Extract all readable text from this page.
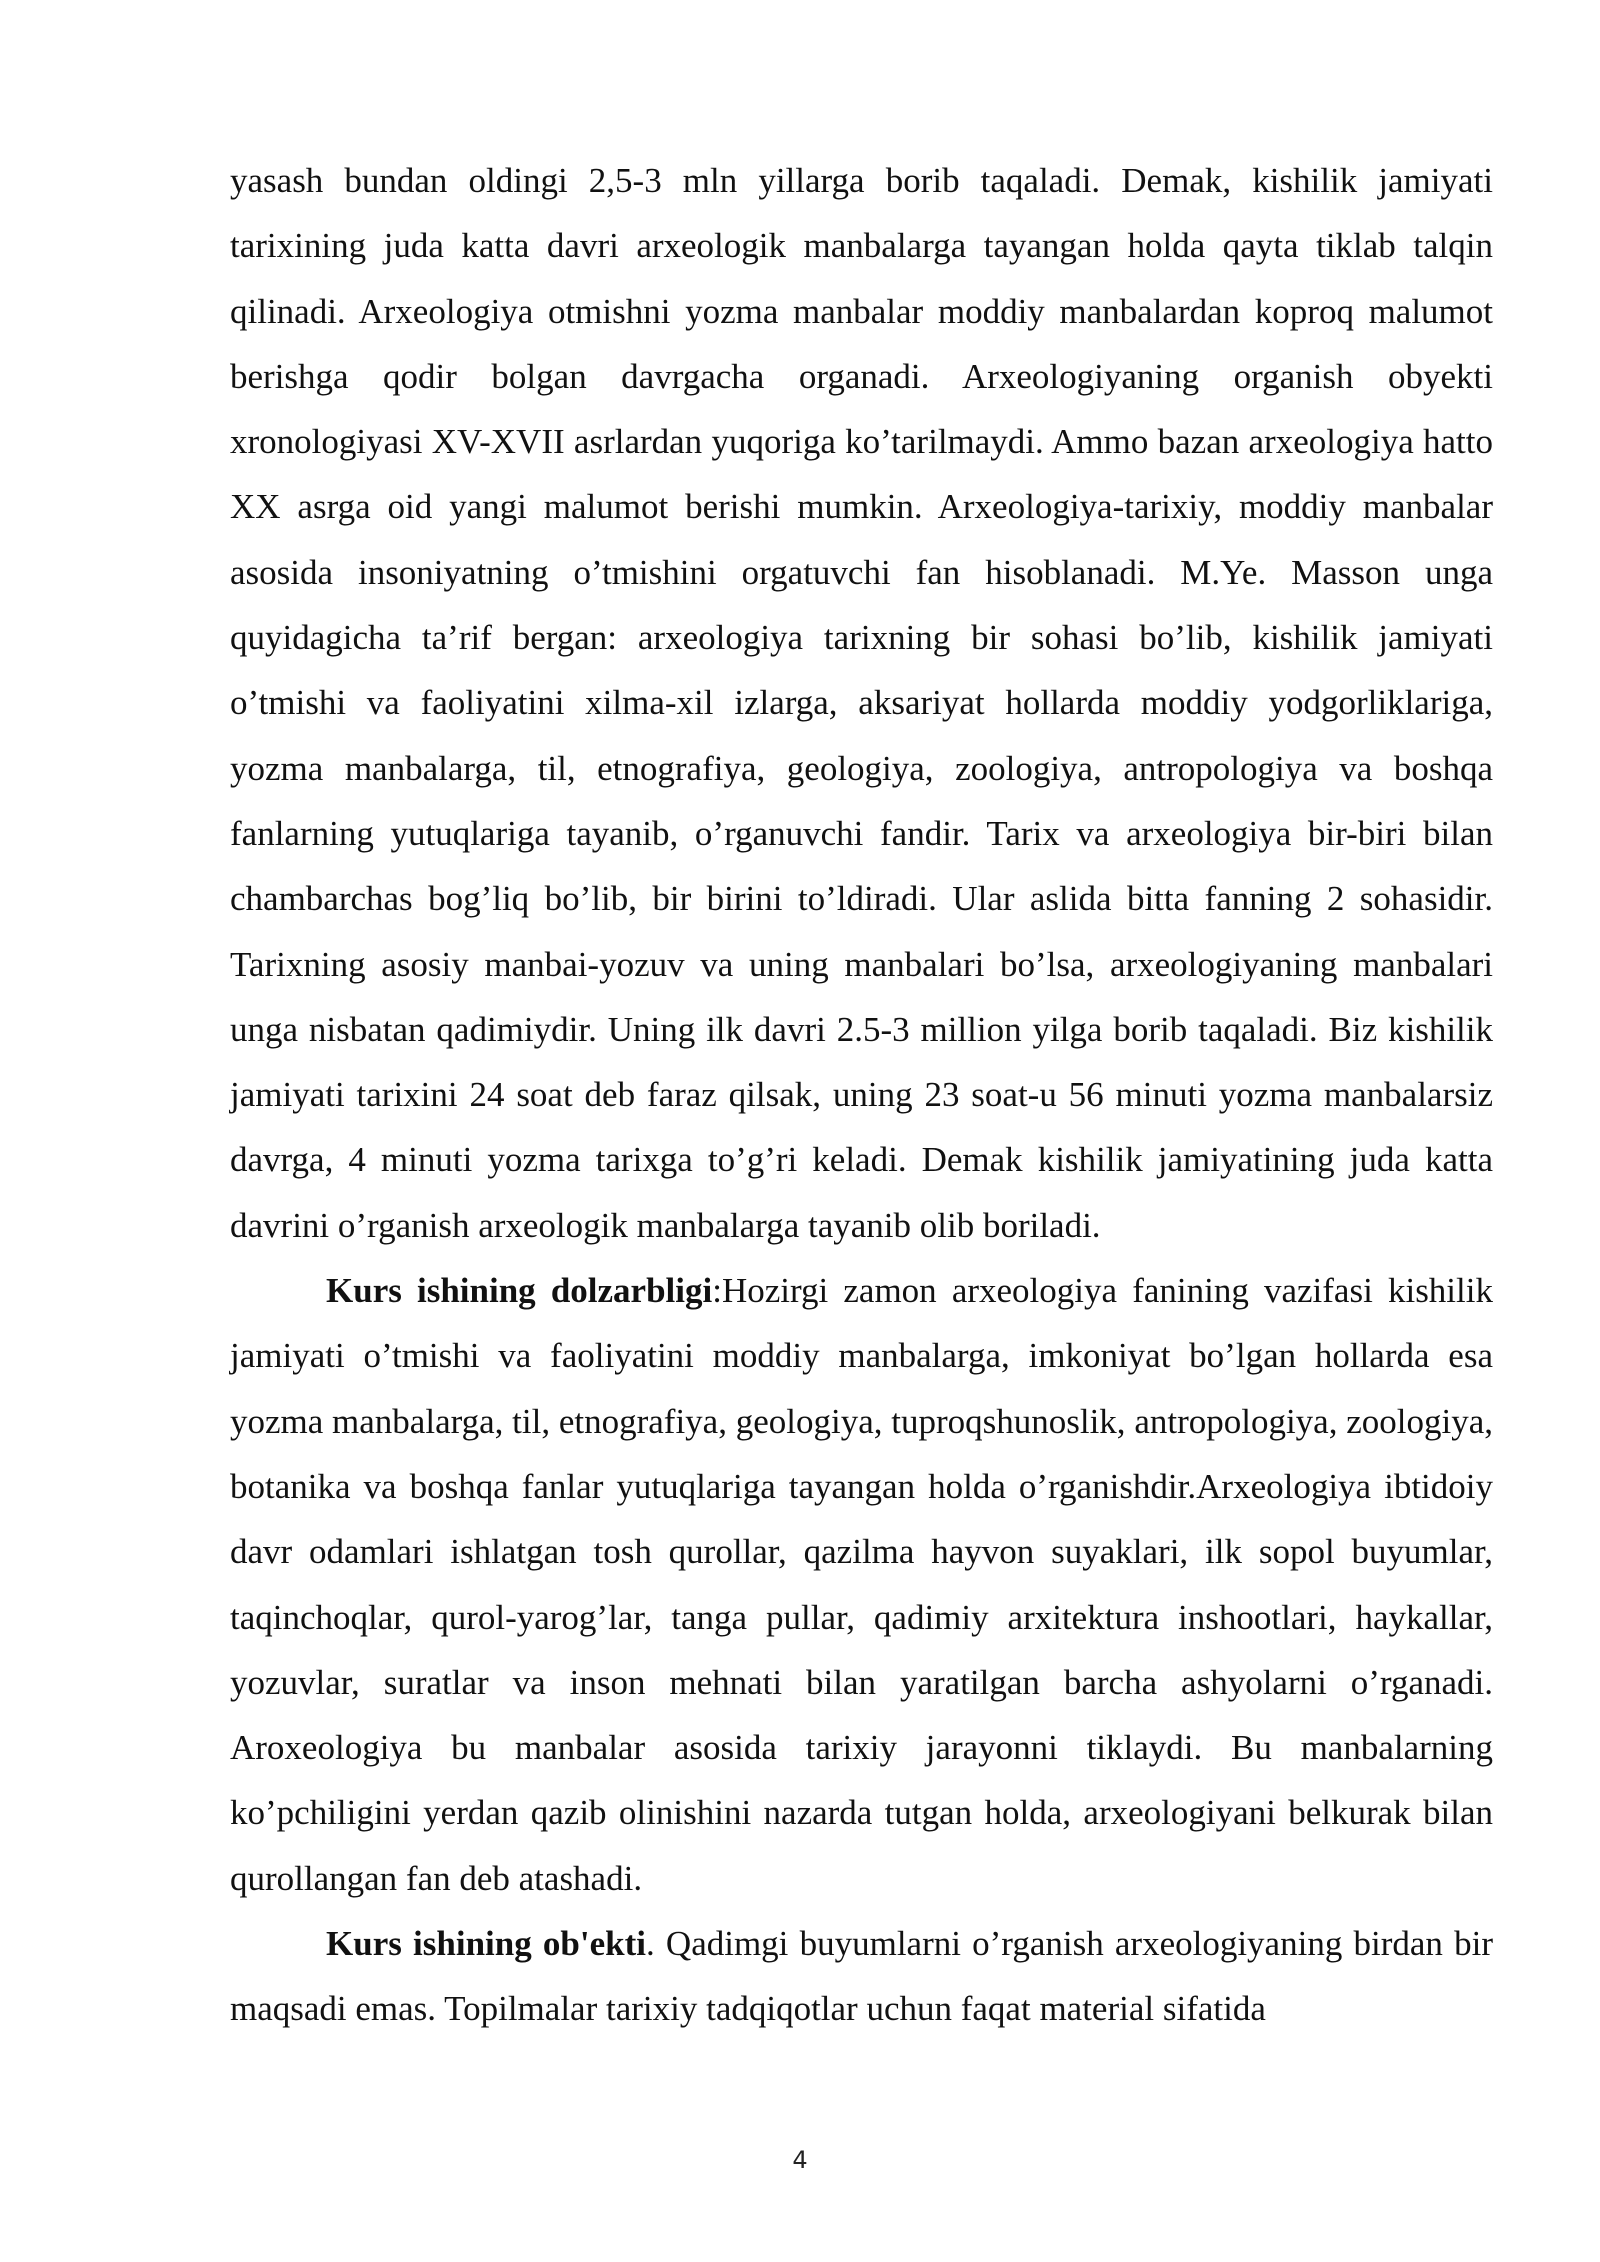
yasash bundan oldingi 2,5-3 mln yillarga borib taqaladi. Demak, kishilik jamiyati tarixining juda katta davri arxeologik manbalarga tayangan holda qayta tiklab talqin qilinadi. Arxeologiya otmishni yozma manbalar moddiy manbalardan koproq malumot berishga qodir bolgan davrgacha organadi. Arxeologiyaning organish obyekti xronologiyasi XV-XVII asrlardan yuqoriga ko’tarilmaydi. Ammo bazan arxeologiya hatto XX asrga oid yangi malumot berishi mumkin. Arxeologiya-tarixiy, moddiy manbalar asosida insoniyatning o’tmishini orgatuvchi fan hisoblanadi. M.Ye. Masson unga quyidagicha ta’rif bergan: arxeologiya tarixning bir sohasi bo’lib, kishilik jamiyati o’tmishi va faoliyatini xilma-xil izlarga, aksariyat hollarda moddiy yodgorliklariga, yozma manbalarga, til, etnografiya, geologiya, zoologiya, antropologiya va boshqa fanlarning yutuqlariga tayanib, o’rganuvchi fandir. Tarix va arxeologiya bir-biri bilan chambarchas bog’liq bo’lib, bir birini to’ldiradi. Ular aslida bitta fanning 2 sohasidir. Tarixning asosiy manbai-yozuv va uning manbalari bo’lsa, arxeologiyaning manbalari unga nisbatan qadimiydir. Uning ilk davri 2.5-3 million yilga borib taqaladi. Biz kishilik jamiyati tarixini 24 soat deb faraz qilsak, uning 23 soat-u 56 minuti yozma manbalarsiz davrga, 4 minuti yozma tarixga to’g’ri keladi. Demak kishilik jamiyatining juda katta davrini o’rganish arxeologik manbalarga tayanib olib boriladi.

Kurs ishining dolzarbligi:Hozirgi zamon arxeologiya fanining vazifasi kishilik jamiyati o’tmishi va faoliyatini moddiy manbalarga, imkoniyat bo’lgan hollarda esa yozma manbalarga, til, etnografiya, geologiya, tuproqshunoslik, antropologiya, zoologiya, botanika va boshqa fanlar yutuqlariga tayangan holda o’rganishdir.Arxeologiya ibtidoiy davr odamlari ishlatgan tosh qurollar, qazilma hayvon suyaklari, ilk sopol buyumlar, taqinchoqlar, qurol-yarog’lar, tanga pullar, qadimiy arxitektura inshootlari, haykallar, yozuvlar, suratlar va inson mehnati bilan yaratilgan barcha ashyolarni o’rganadi. Aroxeologiya bu manbalar asosida tarixiy jarayonni tiklaydi. Bu manbalarning ko’pchiligini yerdan qazib olinishini nazarda tutgan holda, arxeologiyani belkurak bilan qurollangan fan deb atashadi.

Kurs ishining ob'ekti. Qadimgi buyumlarni o’rganish arxeologiyaning birdan bir maqsadi emas. Topilmalar tarixiy tadqiqotlar uchun faqat material sifatida

4
